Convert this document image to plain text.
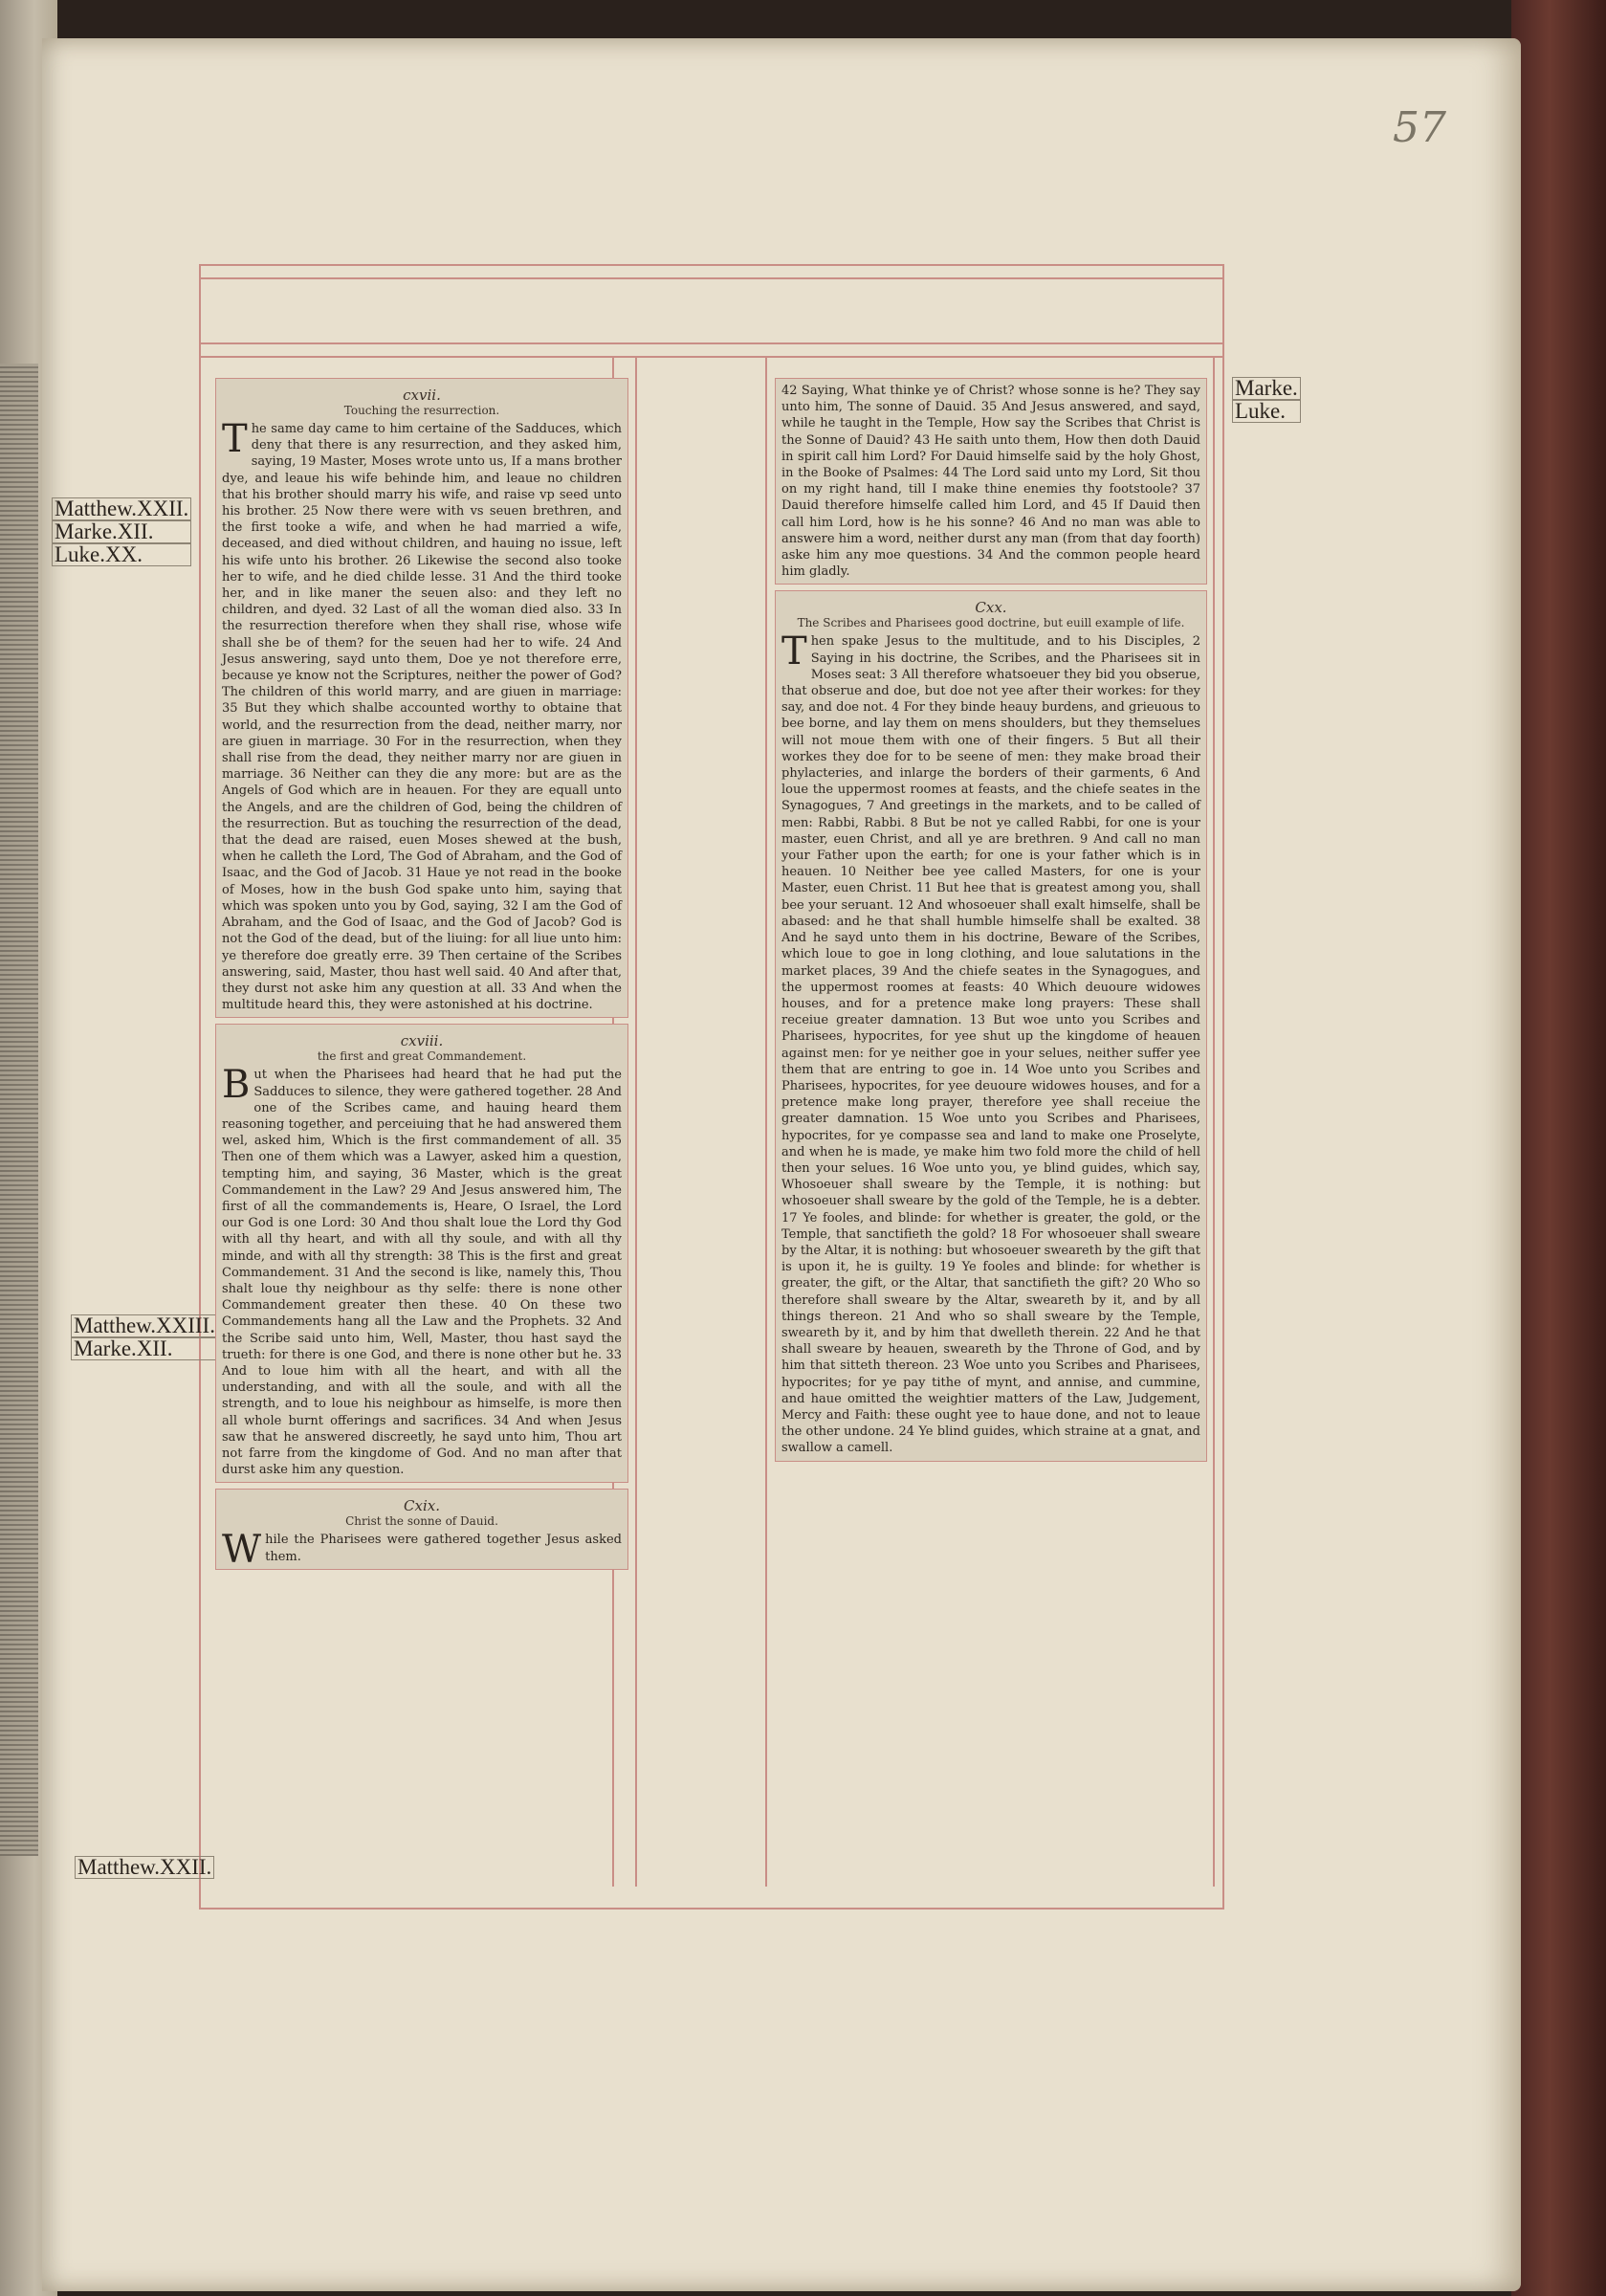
57
Matthew.XXII.
Marke.XII.
Luke.XX.
Matthew.XXIII.
Marke.XII.
Matthew.XXII.
Marke.
Luke.
cxvii.
Touching the resurrection.

The same day came to him certaine of the Sadduces, which deny that there is any resurrection, and they asked him, saying, 19 Master, Moses wrote unto us, If a mans brother dye, and leaue his wife behinde him, and leaue no children that his brother should marry his wife, and raise vp seed unto his brother. 25 Now there were with vs seuen brethren, and the first tooke a wife, and when he had married a wife, deceased, and died without children, and hauing no issue, left his wife unto his brother. 26 Likewise the second also tooke her to wife, and he died childe lesse. 31 And the third tooke her, and in like maner the seuen also: and they left no children, and dyed. 32 Last of all the woman died also. 33 In the resurrection therefore when they shall rise, whose wife shall she be of them? for the seuen had her to wife. 24 And Jesus answering, sayd unto them, Doe ye not therefore erre, because ye know not the Scriptures, neither the power of God? The children of this world marry, and are giuen in marriage: 35 But they which shalbe accounted worthy to obtaine that world, and the resurrection from the dead, neither marry, nor are giuen in marriage. 30 For in the resurrection, when they shall rise from the dead, they neither marry nor are giuen in marriage. 36 Neither can they die any more: but are as the Angels of God which are in heauen. For they are equall unto the Angels, and are the children of God, being the children of the resurrection. But as touching the resurrection of the dead, that the dead are raised, euen Moses shewed at the bush, when he calleth the Lord, The God of Abraham, and the God of Isaac, and the God of Jacob. 31 Haue ye not read in the booke of Moses, how in the bush God spake unto him, saying that which was spoken unto you by God, saying, 32 I am the God of Abraham, and the God of Isaac, and the God of Jacob? God is not the God of the dead, but of the liuing: for all liue unto him: ye therefore doe greatly erre. 39 Then certaine of the Scribes answering, said, Master, thou hast well said. 40 And after that, they durst not aske him any question at all. 33 And when the multitude heard this, they were astonished at his doctrine.

cxviii.
the first and great Commandement.

But when the Pharisees had heard that he had put the Sadduces to silence, they were gathered together. 28 And one of the Scribes came, and hauing heard them reasoning together, and perceiuing that he had answered them wel, asked him, Which is the first commandement of all. 35 Then one of them which was a Lawyer, asked him a question, tempting him, and saying, 36 Master, which is the great Commandement in the Law? 29 And Jesus answered him, The first of all the commandements is, Heare, O Israel, the Lord our God is one Lord: 30 And thou shalt loue the Lord thy God with all thy heart, and with all thy soule, and with all thy minde, and with all thy strength: 38 This is the first and great Commandement. 31 And the second is like, namely this, Thou shalt loue thy neighbour as thy selfe: there is none other Commandement greater then these. 40 On these two Commandements hang all the Law and the Prophets. 32 And the Scribe said unto him, Well, Master, thou hast sayd the trueth: for there is one God, and there is none other but he. 33 And to loue him with all the heart, and with all the understanding, and with all the soule, and with all the strength, and to loue his neighbour as himselfe, is more then all whole burnt offerings and sacrifices. 34 And when Jesus saw that he answered discreetly, he sayd unto him, Thou art not farre from the kingdome of God. And no man after that durst aske him any question.

Cxix.
Christ the sonne of Dauid.

While the Pharisees were gathered together Jesus asked them.

42 Saying, What thinke ye of Christ? whose sonne is he? They say unto him, The sonne of Dauid. 35 And Jesus answered, and sayd, while he taught in the Temple, How say the Scribes that Christ is the Sonne of Dauid? 43 He saith unto them, How then doth Dauid in spirit call him Lord? For Dauid himselfe said by the holy Ghost, in the Booke of Psalmes: 44 The Lord said unto my Lord, Sit thou on my right hand, till I make thine enemies thy footstoole? 37 Dauid therefore himselfe called him Lord, and 45 If Dauid then call him Lord, how is he his sonne? 46 And no man was able to answere him a word, neither durst any man (from that day foorth) aske him any moe questions. 34 And the common people heard him gladly.

Cxx.
The Scribes and Pharisees good doctrine, but euill example of life.

Then spake Jesus to the multitude, and to his Disciples, 2 Saying in his doctrine, the Scribes, and the Pharisees sit in Moses seat: 3 All therefore whatsoeuer they bid you obserue, that obserue and doe, but doe not yee after their workes: for they say, and doe not. 4 For they binde heauy burdens, and grieuous to bee borne, and lay them on mens shoulders, but they themselues will not moue them with one of their fingers. 5 But all their workes they doe for to be seene of men: they make broad their phylacteries, and inlarge the borders of their garments, 6 And loue the uppermost roomes at feasts, and the chiefe seates in the Synagogues, 7 And greetings in the markets, and to be called of men: Rabbi, Rabbi. 8 But be not ye called Rabbi, for one is your master, euen Christ, and all ye are brethren. 9 And call no man your Father upon the earth; for one is your father which is in heauen. 10 Neither bee yee called Masters, for one is your Master, euen Christ. 11 But hee that is greatest among you, shall bee your seruant. 12 And whosoeuer shall exalt himselfe, shall be abased: and he that shall humble himselfe shall be exalted. 38 And he sayd unto them in his doctrine, Beware of the Scribes, which loue to goe in long clothing, and loue salutations in the market places, 39 And the chiefe seates in the Synagogues, and the uppermost roomes at feasts: 40 Which deuoure widowes houses, and for a pretence make long prayers: These shall receiue greater damnation. 13 But woe unto you Scribes and Pharisees, hypocrites, for yee shut up the kingdome of heauen against men: for ye neither goe in your selues, neither suffer yee them that are entring to goe in. 14 Woe unto you Scribes and Pharisees, hypocrites, for yee deuoure widowes houses, and for a pretence make long prayer, therefore yee shall receiue the greater damnation. 15 Woe unto you Scribes and Pharisees, hypocrites, for ye compasse sea and land to make one Proselyte, and when he is made, ye make him two fold more the child of hell then your selues. 16 Woe unto you, ye blind guides, which say, Whosoeuer shall sweare by the Temple, it is nothing: but whosoeuer shall sweare by the gold of the Temple, he is a debter. 17 Ye fooles, and blinde: for whether is greater, the gold, or the Temple, that sanctifieth the gold? 18 For whosoeuer shall sweare by the Altar, it is nothing: but whosoeuer sweareth by the gift that is upon it, he is guilty. 19 Ye fooles and blinde: for whether is greater, the gift, or the Altar, that sanctifieth the gift? 20 Who so therefore shall sweare by the Altar, sweareth by it, and by all things thereon. 21 And who so shall sweare by the Temple, sweareth by it, and by him that dwelleth therein. 22 And he that shall sweare by heauen, sweareth by the Throne of God, and by him that sitteth thereon. 23 Woe unto you Scribes and Pharisees, hypocrites; for ye pay tithe of mynt, and annise, and cummine, and haue omitted the weightier matters of the Law, Judgement, Mercy and Faith: these ought yee to haue done, and not to leaue the other undone. 24 Ye blind guides, which straine at a gnat, and swallow a camell.
